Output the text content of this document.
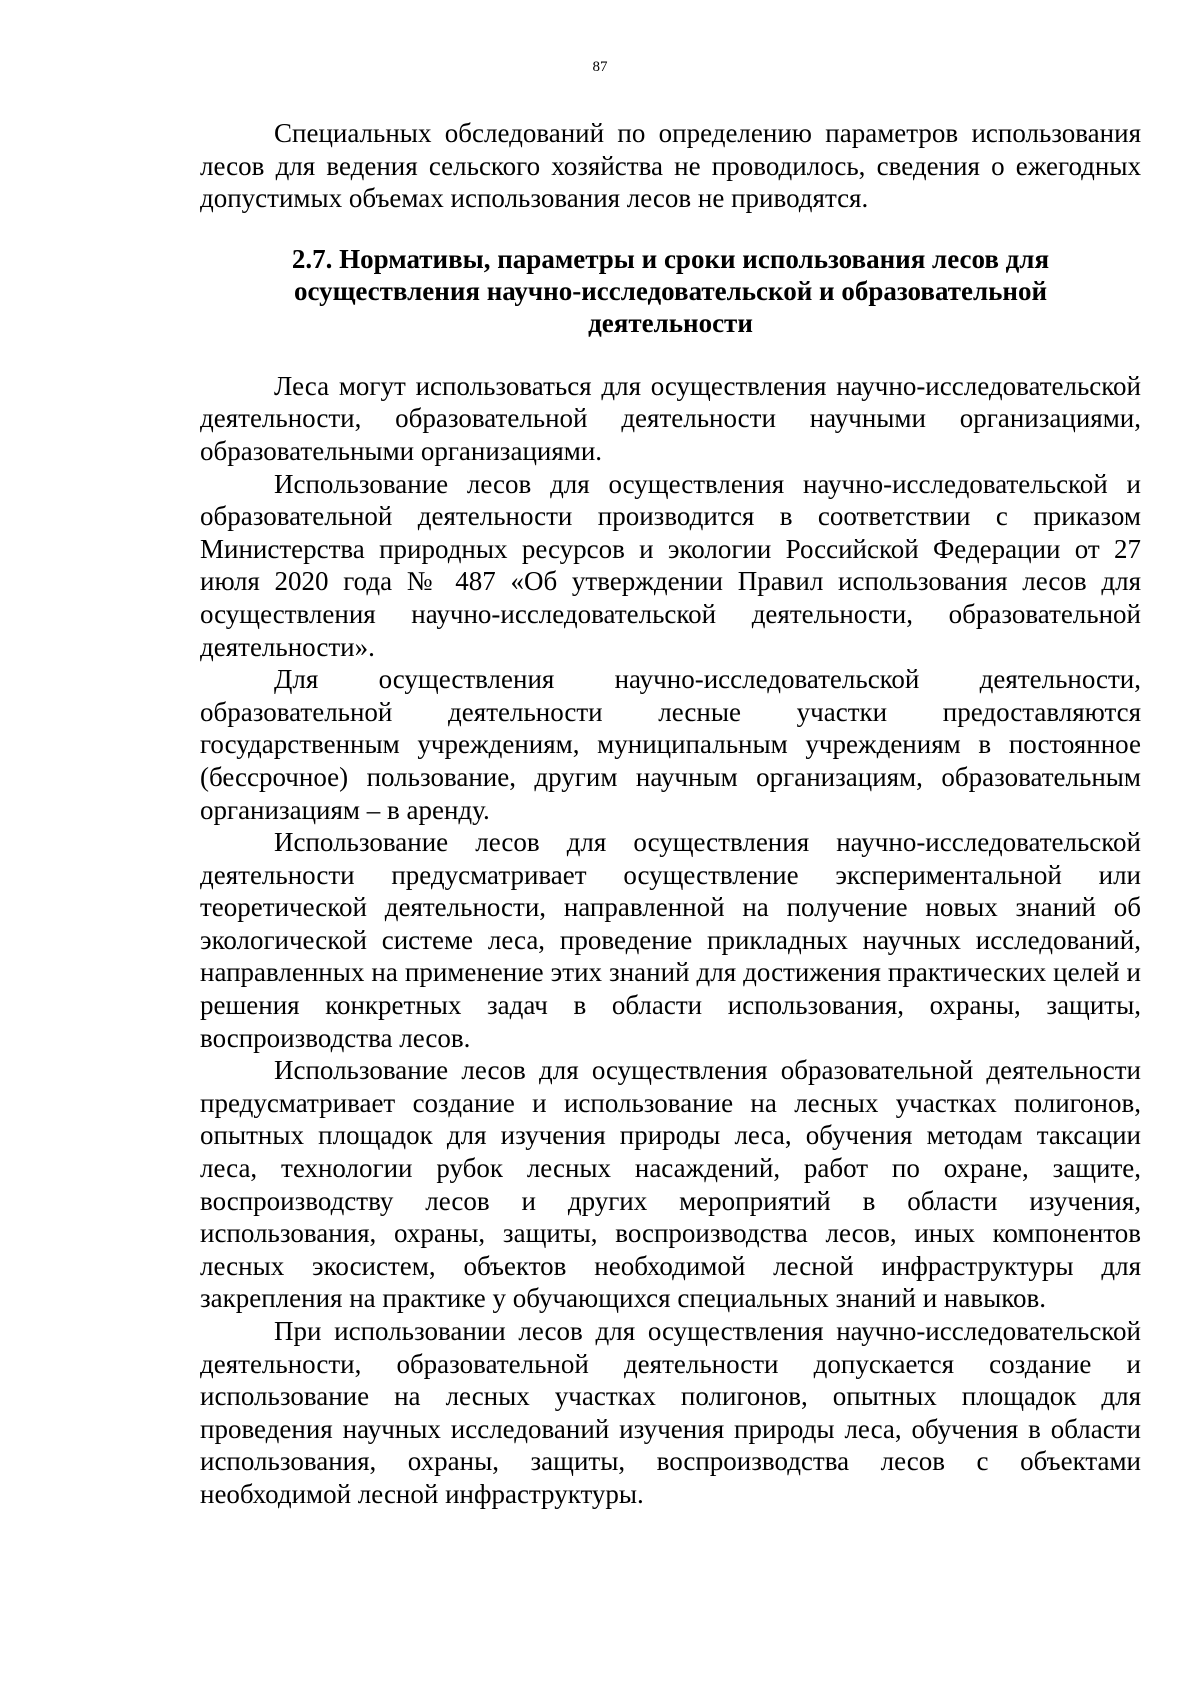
87

Специальных обследований по определению параметров использования лесов для ведения сельского хозяйства не проводилось, сведения о ежегодных допустимых объемах использования лесов не приводятся.

2.7. Нормативы, параметры и сроки использования лесов для осуществления научно-исследовательской и образовательной деятельности

Леса могут использоваться для осуществления научно-исследовательской деятельности, образовательной деятельности научными организациями, образовательными организациями.

Использование лесов для осуществления научно-исследовательской и образовательной деятельности производится в соответствии с приказом Министерства природных ресурсов и экологии Российской Федерации от 27 июля 2020 года № 487 «Об утверждении Правил использования лесов для осуществления научно-исследовательской деятельности, образовательной деятельности».

Для осуществления научно-исследовательской деятельности, образовательной деятельности лесные участки предоставляются государственным учреждениям, муниципальным учреждениям в постоянное (бессрочное) пользование, другим научным организациям, образовательным организациям – в аренду.

Использование лесов для осуществления научно-исследовательской деятельности предусматривает осуществление экспериментальной или теоретической деятельности, направленной на получение новых знаний об экологической системе леса, проведение прикладных научных исследований, направленных на применение этих знаний для достижения практических целей и решения конкретных задач в области использования, охраны, защиты, воспроизводства лесов.

Использование лесов для осуществления образовательной деятельности предусматривает создание и использование на лесных участках полигонов, опытных площадок для изучения природы леса, обучения методам таксации леса, технологии рубок лесных насаждений, работ по охране, защите, воспроизводству лесов и других мероприятий в области изучения, использования, охраны, защиты, воспроизводства лесов, иных компонентов лесных экосистем, объектов необходимой лесной инфраструктуры для закрепления на практике у обучающихся специальных знаний и навыков.

При использовании лесов для осуществления научно-исследовательской деятельности, образовательной деятельности допускается создание и использование на лесных участках полигонов, опытных площадок для проведения научных исследований изучения природы леса, обучения в области использования, охраны, защиты, воспроизводства лесов с объектами необходимой лесной инфраструктуры.
